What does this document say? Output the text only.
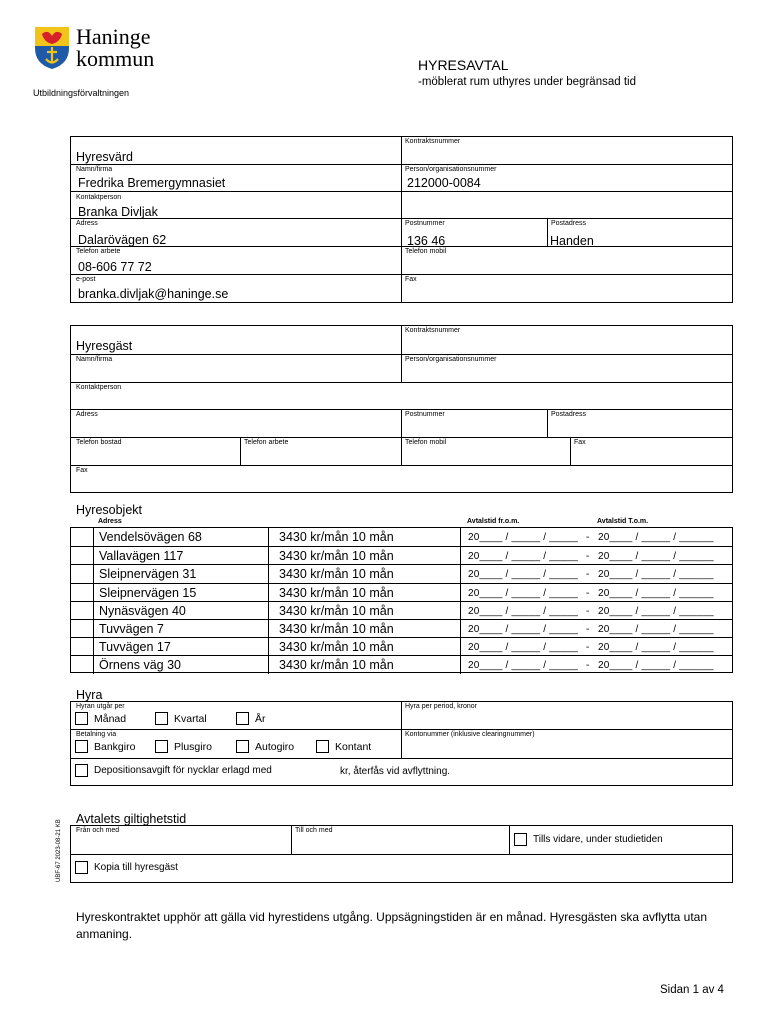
Haninge
kommun
Utbildningsförvaltningen
HYRESAVTAL
-möblerat rum uthyres under begränsad tid
UBF-67 2023-08-21 KB
Kontraktsnummer
Hyresvärd
Namn/firma
Fredrika Bremergymnasiet
Person/organisationsnummer
212000-0084
Kontaktperson
Branka Divljak
Adress
Dalarövägen 62
Postnummer
136 46
Postadress
Handen
Telefon arbete
08-606 77 72
Telefon mobil
e-post
branka.divljak@haninge.se
Fax
Kontraktsnummer
Hyresgäst
Namn/firma	Person/organisationsnummer
Kontaktperson
Adress	Postnummer	Postadress
Telefon bostad	Telefon arbete	Telefon mobil	Fax
Fax
Hyresobjekt
Adress	Avtalstid fr.o.m.	Avtalstid T.o.m.
Vendelsövägen 68	3430 kr/mån 10 mån	20____ / _____ / _____ - 20____ / _____ / ______
Vallavägen 117	3430 kr/mån 10 mån	20____ / _____ / _____ - 20____ / _____ / ______
Sleipnervägen 31	3430 kr/mån 10 mån	20____ / _____ / _____ - 20____ / _____ / ______
Sleipnervägen 15	3430 kr/mån 10 mån	20____ / _____ / _____ - 20____ / _____ / ______
Nynäsvägen 40	3430 kr/mån 10 mån	20____ / _____ / _____ - 20____ / _____ / ______
Tuvvägen 7	3430 kr/mån 10 mån	20____ / _____ / _____ - 20____ / _____ / ______
Tuvvägen 17	3430 kr/mån 10 mån	20____ / _____ / _____ - 20____ / _____ / ______
Örnens väg 30	3430 kr/mån 10 mån	20____ / _____ / _____ - 20____ / _____ / ______
Hyra
Hyran utgår per
Månad	Kvartal	År
Hyra per period, kronor
Betalning via
Bankgiro	Plusgiro	Autogiro	Kontant
Kontonummer (inklusive clearingnummer)
Depositionsavgift för nycklar erlagd med	kr, återfås vid avflyttning.
Avtalets giltighetstid
Från och med	Till och med
Tills vidare, under studietiden
Kopia till hyresgäst
Hyreskontraktet upphör att gälla vid hyrestidens utgång. Uppsägningstiden är en månad. Hyresgästen ska avflytta utan anmaning.
Sidan 1 av 4
